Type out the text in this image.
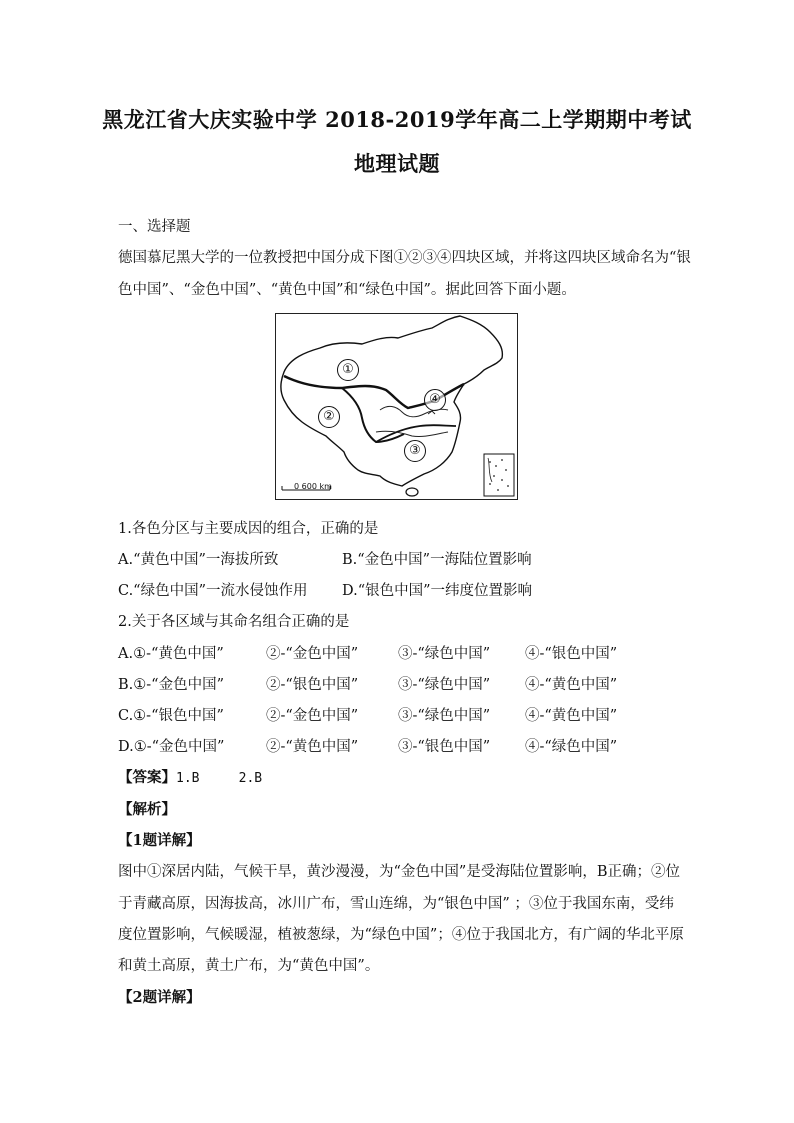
黑龙江省大庆实验中学 2018-2019学年高二上学期期中考试
地理试题
一、选择题
德国慕尼黑大学的一位教授把中国分成下图①②③④四块区域，并将这四块区域命名为“银
色中国”、“金色中国”、“黄色中国”和“绿色中国”。据此回答下面小题。
①
②
③
④
0 600 km
1.各色分区与主要成因的组合，正确的是
A.“黄色中国”一海拔所致	B.“金色中国”一海陆位置影响
C.“绿色中国”一流水侵蚀作用 D.“银色中国”一纬度位置影响
2.关于各区域与其命名组合正确的是
A.①-“黄色中国”	②-“金色中国”	③-“绿色中国” ④-“银色中国”
B.①-“金色中国”	②-“银色中国”	③-“绿色中国” ④-“黄色中国”
C.①-“银色中国”	②-“金色中国”	③-“绿色中国” ④-“黄色中国”
D.①-“金色中国”	②-“黄色中国”	③-“银色中国” ④-“绿色中国”
【答案】1.B     2.B
【解析】
【1题详解】
图中①深居内陆，气候干旱，黄沙漫漫，为“金色中国”是受海陆位置影响，B正确；②位
于青藏高原，因海拔高，冰川广布，雪山连绵，为“银色中国” ；③位于我国东南，受纬
度位置影响，气候暖湿，植被葱绿，为“绿色中国”；④位于我国北方，有广阔的华北平原
和黄土高原，黄土广布，为“黄色中国”。
【2题详解】
